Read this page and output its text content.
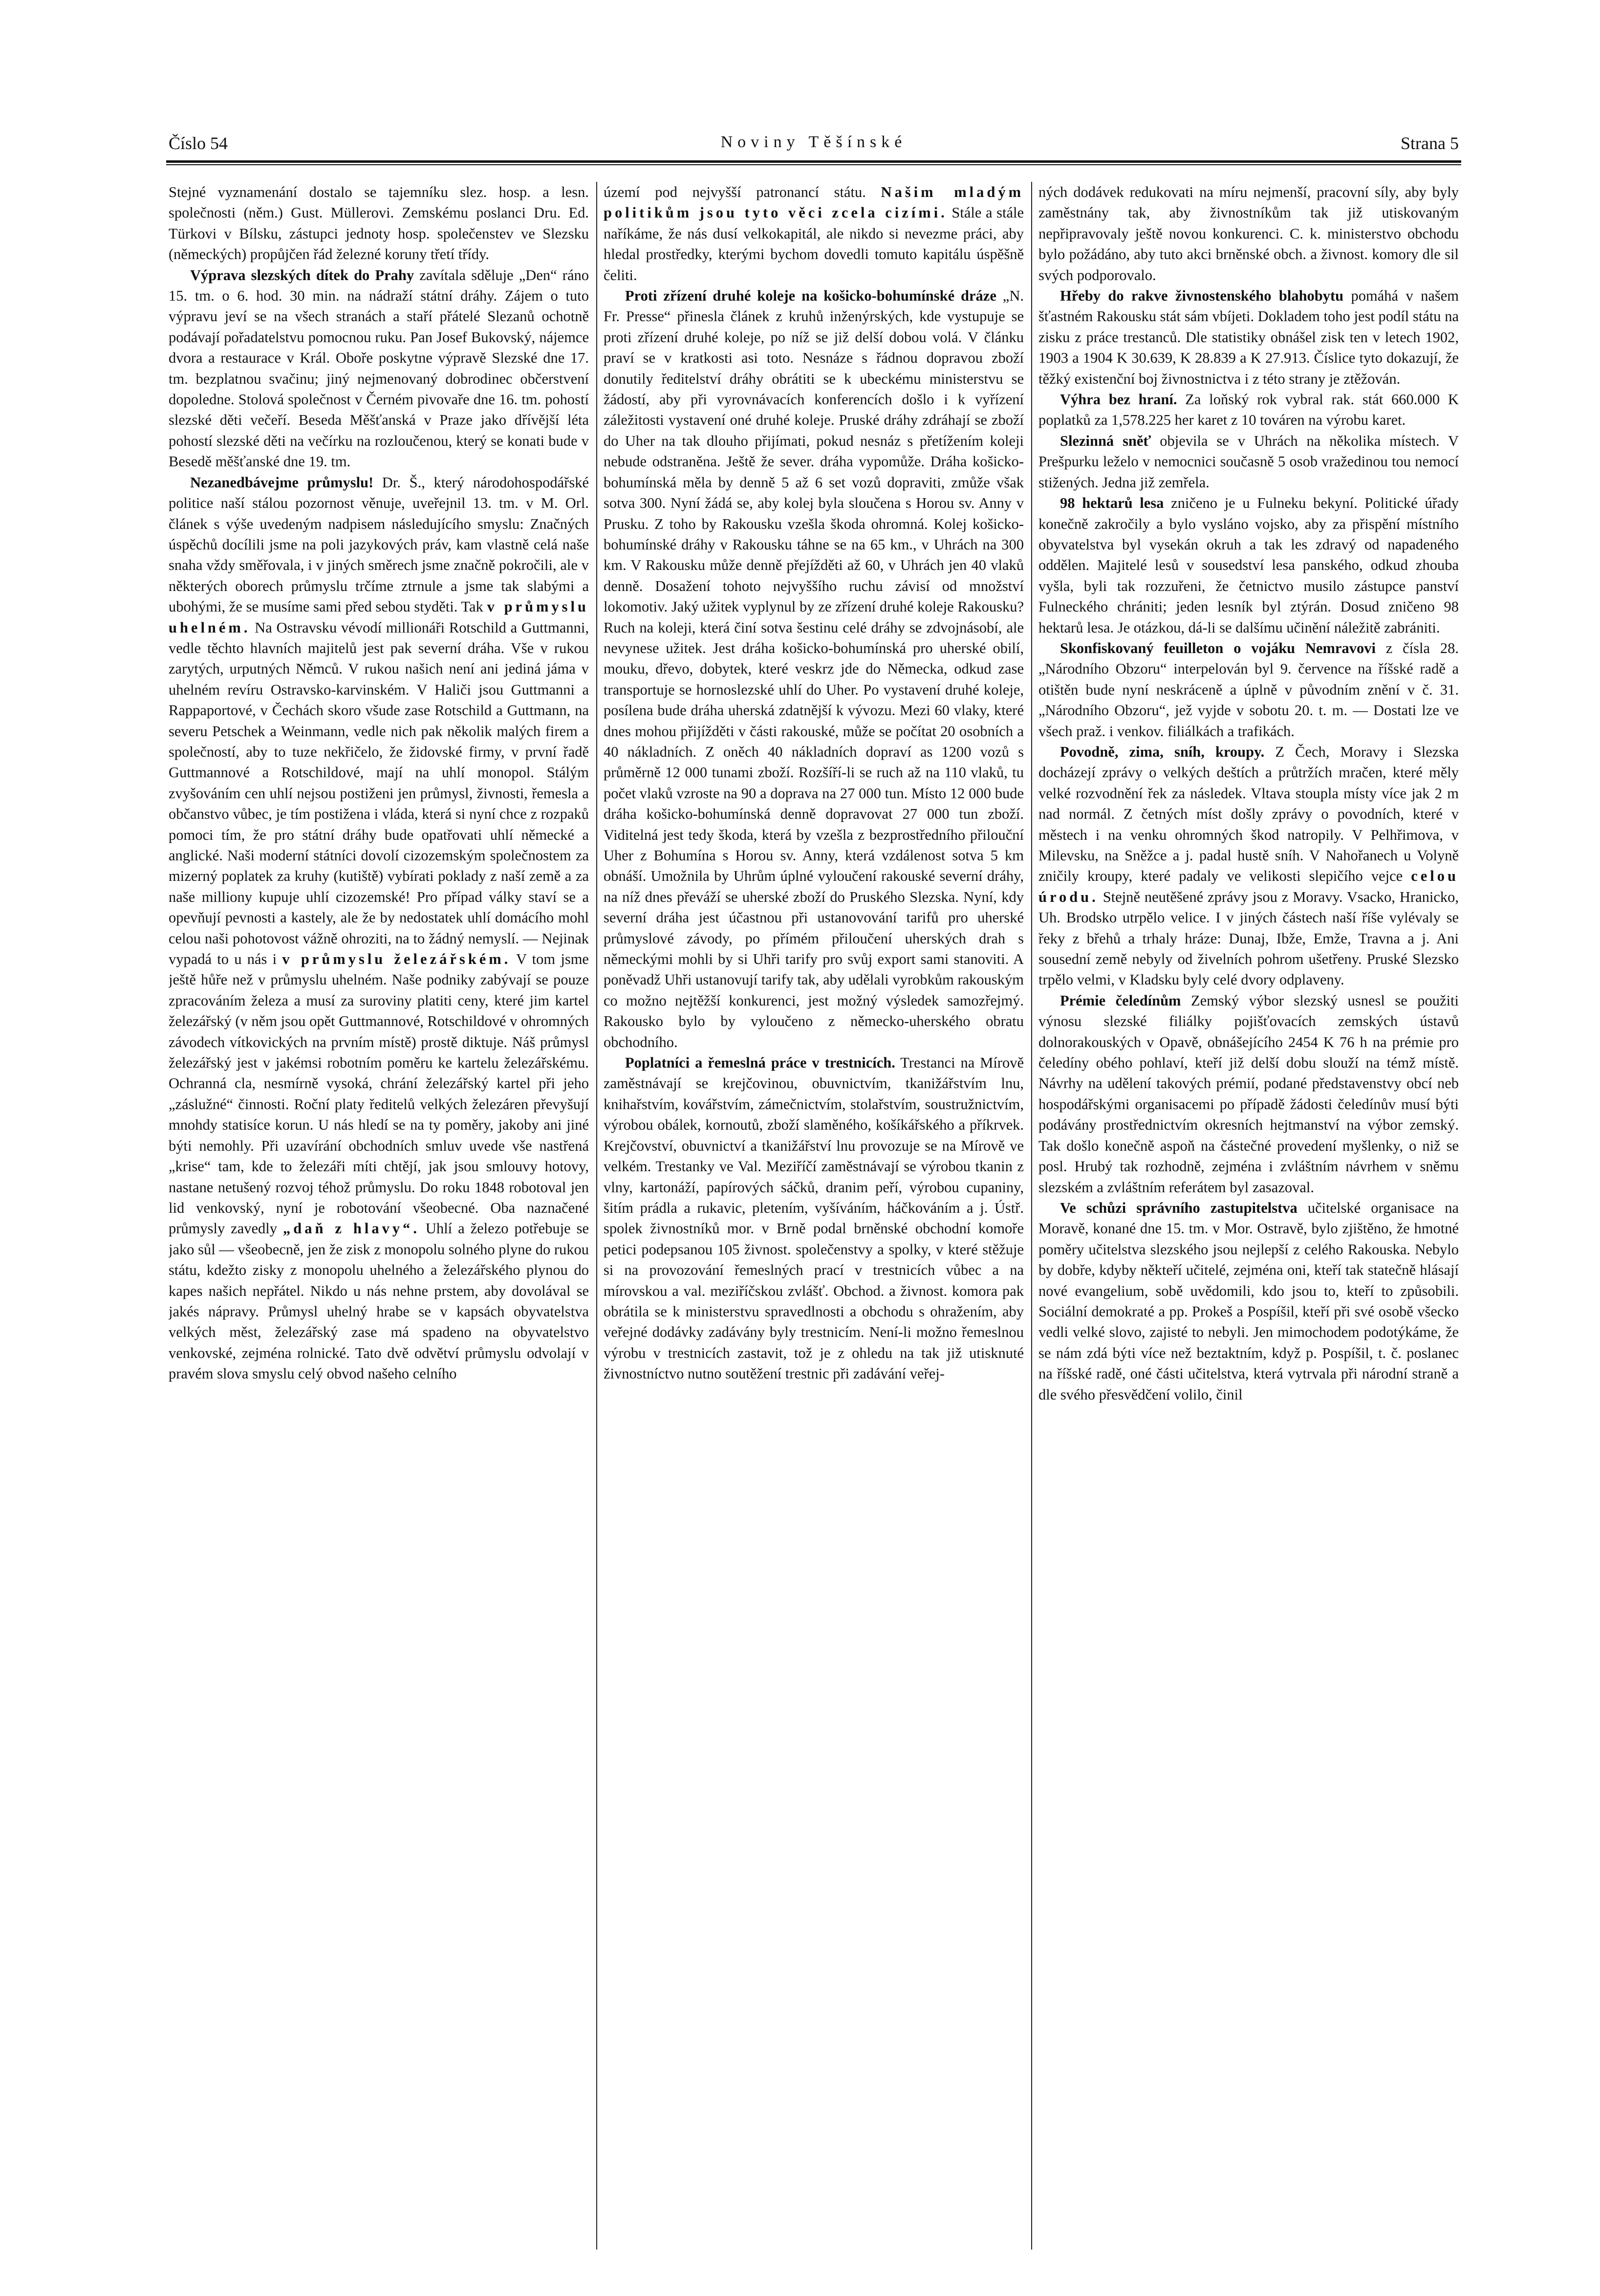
Číslo 54	Noviny Těšínské	Strana 5

Stejné vyznamenání dostalo se tajemníku slez. hosp. a lesn. společnosti (něm.) Gust. Müllerovi. Zemskému poslanci Dru. Ed. Türkovi v Bílsku, zástupci jednoty hosp. společenstev ve Slezsku (německých) propůjčen řád železné koruny třetí třídy.

Výprava slezských dítek do Prahy zavítala sděluje „Den“ ráno 15. tm. o 6. hod. 30 min. na nádraží státní dráhy. Zájem o tuto výpravu jeví se na všech stranách a staří přátelé Slezanů ochotně podávají pořadatelstvu pomocnou ruku. Pan Josef Bukovský, nájemce dvora a restaurace v Král. Oboře poskytne výpravě Slezské dne 17. tm. bezplatnou svačinu; jiný nejmenovaný dobrodinec občerstvení dopoledne. Stolová společnost v Černém pivovaře dne 16. tm. pohostí slezské děti večeří. Beseda Měšťanská v Praze jako dřívější léta pohostí slezské děti na večírku na rozloučenou, který se konati bude v Besedě měšťanské dne 19. tm.

Nezanedbávejme průmyslu! Dr. Š., který národohospodářské politice naší stálou pozornost věnuje, uveřejnil 13. tm. v M. Orl. článek s výše uvedeným nadpisem následujícího smyslu: Značných úspěchů docílili jsme na poli jazykových práv, kam vlastně celá naše snaha vždy směřovala, i v jiných směrech jsme značně pokročili, ale v některých oborech průmyslu trčíme ztrnule a jsme tak slabými a ubohými, že se musíme sami před sebou styděti. Tak v průmyslu uhelném. Na Ostravsku vévodí millionáři Rotschild a Guttmanni, vedle těchto hlavních majitelů jest pak severní dráha. Vše v rukou zarytých, urputných Němců. V rukou našich není ani jediná jáma v uhelném revíru Ostravsko-karvinském. V Haliči jsou Guttmanni a Rappaportové, v Čechách skoro všude zase Rotschild a Guttmann, na severu Petschek a Weinmann, vedle nich pak několik malých firem a společností, aby to tuze nekřičelo, že židovské firmy, v první řadě Guttmannové a Rotschildové, mají na uhlí monopol. Stálým zvyšováním cen uhlí nejsou postiženi jen průmysl, živnosti, řemesla a občanstvo vůbec, je tím postižena i vláda, která si nyní chce z rozpaků pomoci tím, že pro státní dráhy bude opatřovati uhlí německé a anglické. Naši moderní státníci dovolí cizozemským společnostem za mizerný poplatek za kruhy (kutiště) vybírati poklady z naší země a za naše milliony kupuje uhlí cizozemské! Pro případ války staví se a opevňují pevnosti a kastely, ale že by nedostatek uhlí domácího mohl celou naši pohotovost vážně ohroziti, na to žádný nemyslí. — Nejinak vypadá to u nás i v průmyslu železářském. V tom jsme ještě hůře než v průmyslu uhelném. Naše podniky zabývají se pouze zpracováním železa a musí za suroviny platiti ceny, které jim kartel železářský (v něm jsou opět Guttmannové, Rotschildové v ohromných závodech vítkovických na prvním místě) prostě diktuje. Náš průmysl železářský jest v jakémsi robotním poměru ke kartelu železářskému. Ochranná cla, nesmírně vysoká, chrání železářský kartel při jeho „záslužné“ činnosti. Roční platy ředitelů velkých železáren převyšují mnohdy statisíce korun. U nás hledí se na ty poměry, jakoby ani jiné býti nemohly. Při uzavírání obchodních smluv uvede vše nastřená „krise“ tam, kde to železáři míti chtějí, jak jsou smlouvy hotovy, nastane netušený rozvoj téhož průmyslu. Do roku 1848 robotoval jen lid venkovský, nyní je robotování všeobecné. Oba naznačené průmysly zavedly „daň z hlavy“. Uhlí a železo potřebuje se jako sůl — všeobecně, jen že zisk z monopolu solného plyne do rukou státu, kdežto zisky z monopolu uhelného a železářského plynou do kapes našich nepřátel. Nikdo u nás nehne prstem, aby dovolával se jakés nápravy. Průmysl uhelný hrabe se v kapsách obyvatelstva velkých měst, železářský zase má spadeno na obyvatelstvo venkovské, zejména rolnické. Tato dvě odvětví průmyslu odvolají v pravém slova smyslu celý obvod našeho celního

území pod nejvyšší patronancí státu. Našim mladým politikům jsou tyto věci zcela cizími. Stále a stále naříkáme, že nás dusí velkokapitál, ale nikdo si nevezme práci, aby hledal prostředky, kterými bychom dovedli tomuto kapitálu úspěšně čeliti.

Proti zřízení druhé koleje na košicko-bohumínské dráze „N. Fr. Presse“ přinesla článek z kruhů inženýrských, kde vystupuje se proti zřízení druhé koleje, po níž se již delší dobou volá. V článku praví se v kratkosti asi toto. Nesnáze s řádnou dopravou zboží donutily ředitelství dráhy obrátiti se k ubeckému ministerstvu se žádostí, aby při vyrovnávacích konferencích došlo i k vyřízení záležitosti vystavení oné druhé koleje. Pruské dráhy zdráhají se zboží do Uher na tak dlouho přijímati, pokud nesnáz s přetížením koleji nebude odstraněna. Ještě že sever. dráha vypomůže. Dráha košicko-bohumínská měla by denně 5 až 6 set vozů dopraviti, zmůže však sotva 300. Nyní žádá se, aby kolej byla sloučena s Horou sv. Anny v Prusku. Z toho by Rakousku vzešla škoda ohromná. Kolej košicko-bohumínské dráhy v Rakousku táhne se na 65 km., v Uhrách na 300 km. V Rakousku může denně přejížděti až 60, v Uhrách jen 40 vlaků denně. Dosažení tohoto nejvyššího ruchu závisí od množství lokomotiv. Jaký užitek vyplynul by ze zřízení druhé koleje Rakousku? Ruch na koleji, která činí sotva šestinu celé dráhy se zdvojnásobí, ale nevynese užitek. Jest dráha košicko-bohumínská pro uherské obilí, mouku, dřevo, dobytek, které veskrz jde do Německa, odkud zase transportuje se hornoslezské uhlí do Uher. Po vystavení druhé koleje, posílena bude dráha uherská zdatnější k vývozu. Mezi 60 vlaky, které dnes mohou přijížděti v části rakouské, může se počítat 20 osobních a 40 nákladních. Z oněch 40 nákladních dopraví as 1200 vozů s průměrně 12 000 tunami zboží. Rozšíří-li se ruch až na 110 vlaků, tu počet vlaků vzroste na 90 a doprava na 27 000 tun. Místo 12 000 bude dráha košicko-bohumínská denně dopravovat 27 000 tun zboží. Viditelná jest tedy škoda, která by vzešla z bezprostředního přilouční Uher z Bohumína s Horou sv. Anny, která vzdálenost sotva 5 km obnáší. Umožnila by Uhrům úplné vyloučení rakouské severní dráhy, na níž dnes převáží se uherské zboží do Pruského Slezska. Nyní, kdy severní dráha jest účastnou při ustanovování tarifů pro uherské průmyslové závody, po přímém přiloučení uherských drah s německými mohli by si Uhři tarify pro svůj export sami stanoviti. A poněvadž Uhři ustanovují tarify tak, aby udělali vyrobkům rakouským co možno nejtěžší konkurenci, jest možný výsledek samozřejmý. Rakousko bylo by vyloučeno z německo-uherského obratu obchodního.

Poplatníci a řemeslná práce v trestnicích. Trestanci na Mírově zaměstnávají se krejčovinou, obuvnictvím, tkanižářstvím lnu, knihařstvím, kovářstvím, zámečnictvím, stolařstvím, soustružnictvím, výrobou obálek, kornoutů, zboží slaměného, košíkářského a příkrvek. Krejčovství, obuvnictví a tkanižářství lnu provozuje se na Mírově ve velkém. Trestanky ve Val. Meziříčí zaměstnávají se výrobou tkanin z vlny, kartonáží, papírových sáčků, dranim peří, výrobou cupaniny, šitím prádla a rukavic, pletením, vyšíváním, háčkováním a j. Ústř. spolek živnostníků mor. v Brně podal brněnské obchodní komoře petici podepsanou 105 živnost. společenstvy a spolky, v které stěžuje si na provozování řemeslných prací v trestnicích vůbec a na mírovskou a val. meziříčskou zvlášť. Obchod. a živnost. komora pak obrátila se k ministerstvu spravedlnosti a obchodu s ohražením, aby veřejné dodávky zadávány byly trestnicím. Není-li možno řemeslnou výrobu v trestnicích zastavit, tož je z ohledu na tak již utisknuté živnostníctvo nutno soutěžení trestnic při zadávání veřej-

ných dodávek redukovati na míru nejmenší, pracovní síly, aby byly zaměstnány tak, aby živnostníkům tak již utiskovaným nepřipravovaly ještě novou konkurenci. C. k. ministerstvo obchodu bylo požádáno, aby tuto akci brněnské obch. a živnost. komory dle sil svých podporovalo.

Hřeby do rakve živnostenského blahobytu pomáhá v našem šťastném Rakousku stát sám vbíjeti. Dokladem toho jest podíl státu na zisku z práce trestanců. Dle statistiky obnášel zisk ten v letech 1902, 1903 a 1904 K 30.639, K 28.839 a K 27.913. Číslice tyto dokazují, že těžký existenční boj živnostnictva i z této strany je ztěžován.

Výhra bez hraní. Za loňský rok vybral rak. stát 660.000 K poplatků za 1,578.225 her karet z 10 továren na výrobu karet.

Slezinná sněť objevila se v Uhrách na několika místech. V Prešpurku leželo v nemocnici současně 5 osob vražedinou tou nemocí stižených. Jedna již zemřela.

98 hektarů lesa zničeno je u Fulneku bekyní. Politické úřady konečně zakročily a bylo vysláno vojsko, aby za přispění místního obyvatelstva byl vysekán okruh a tak les zdravý od napadeného oddělen. Majitelé lesů v sousedství lesa panského, odkud zhouba vyšla, byli tak rozzuřeni, že četnictvo musilo zástupce panství Fulneckého chrániti; jeden lesník byl ztýrán. Dosud zničeno 98 hektarů lesa. Je otázkou, dá-li se dalšímu učinění náležitě zabrániti.

Skonfiskovaný feuilleton o vojáku Nemravovi z čísla 28. „Národního Obzoru“ interpelován byl 9. července na říšské radě a otištěn bude nyní neskráceně a úplně v původním znění v č. 31. „Národního Obzoru“, jež vyjde v sobotu 20. t. m. — Dostati lze ve všech praž. i venkov. filiálkách a trafikách.

Povodně, zima, sníh, kroupy. Z Čech, Moravy i Slezska docházejí zprávy o velkých deštích a průtržích mračen, které měly velké rozvodnění řek za následek. Vltava stoupla místy více jak 2 m nad normál. Z četných míst došly zprávy o povodních, které v městech i na venku ohromných škod natropily. V Pelhřimova, v Milevsku, na Sněžce a j. padal hustě sníh. V Nahořanech u Volyně zničily kroupy, které padaly ve velikosti slepičího vejce celou úrodu. Stejně neutěšené zprávy jsou z Moravy. Vsacko, Hranicko, Uh. Brodsko utrpělo velice. I v jiných částech naší říše vylévaly se řeky z břehů a trhaly hráze: Dunaj, Ibže, Emže, Travna a j. Ani sousední země nebyly od živelních pohrom ušetřeny. Pruské Slezsko trpělo velmi, v Kladsku byly celé dvory odplaveny.

Prémie čeledínům Zemský výbor slezský usnesl se použiti výnosu slezské filiálky pojišťovacích zemských ústavů dolnorakouských v Opavě, obnášejícího 2454 K 76 h na prémie pro čeledíny obého pohlaví, kteří již delší dobu slouží na témž místě. Návrhy na udělení takových prémií, podané představenstvy obcí neb hospodářskými organisacemi po případě žádosti čeledínův musí býti podávány prostřednictvím okresních hejtmanství na výbor zemský. Tak došlo konečně aspoň na částečné provedení myšlenky, o niž se posl. Hrubý tak rozhodně, zejména i zvláštním návrhem v sněmu slezském a zvláštním referátem byl zasazoval.

Ve schůzi správního zastupitelstva učitelské organisace na Moravě, konané dne 15. tm. v Mor. Ostravě, bylo zjištěno, že hmotné poměry učitelstva slezského jsou nejlepší z celého Rakouska. Nebylo by dobře, kdyby někteří učitelé, zejména oni, kteří tak statečně hlásají nové evangelium, sobě uvědomili, kdo jsou to, kteří to způsobili. Sociální demokraté a pp. Prokeš a Pospíšil, kteří při své osobě všecko vedli velké slovo, zajisté to nebyli. Jen mimochodem podotýkáme, že se nám zdá býti více než beztaktním, když p. Pospíšil, t. č. poslanec na říšské radě, oné části učitelstva, která vytrvala při národní straně a dle svého přesvědčení volilo, činil
